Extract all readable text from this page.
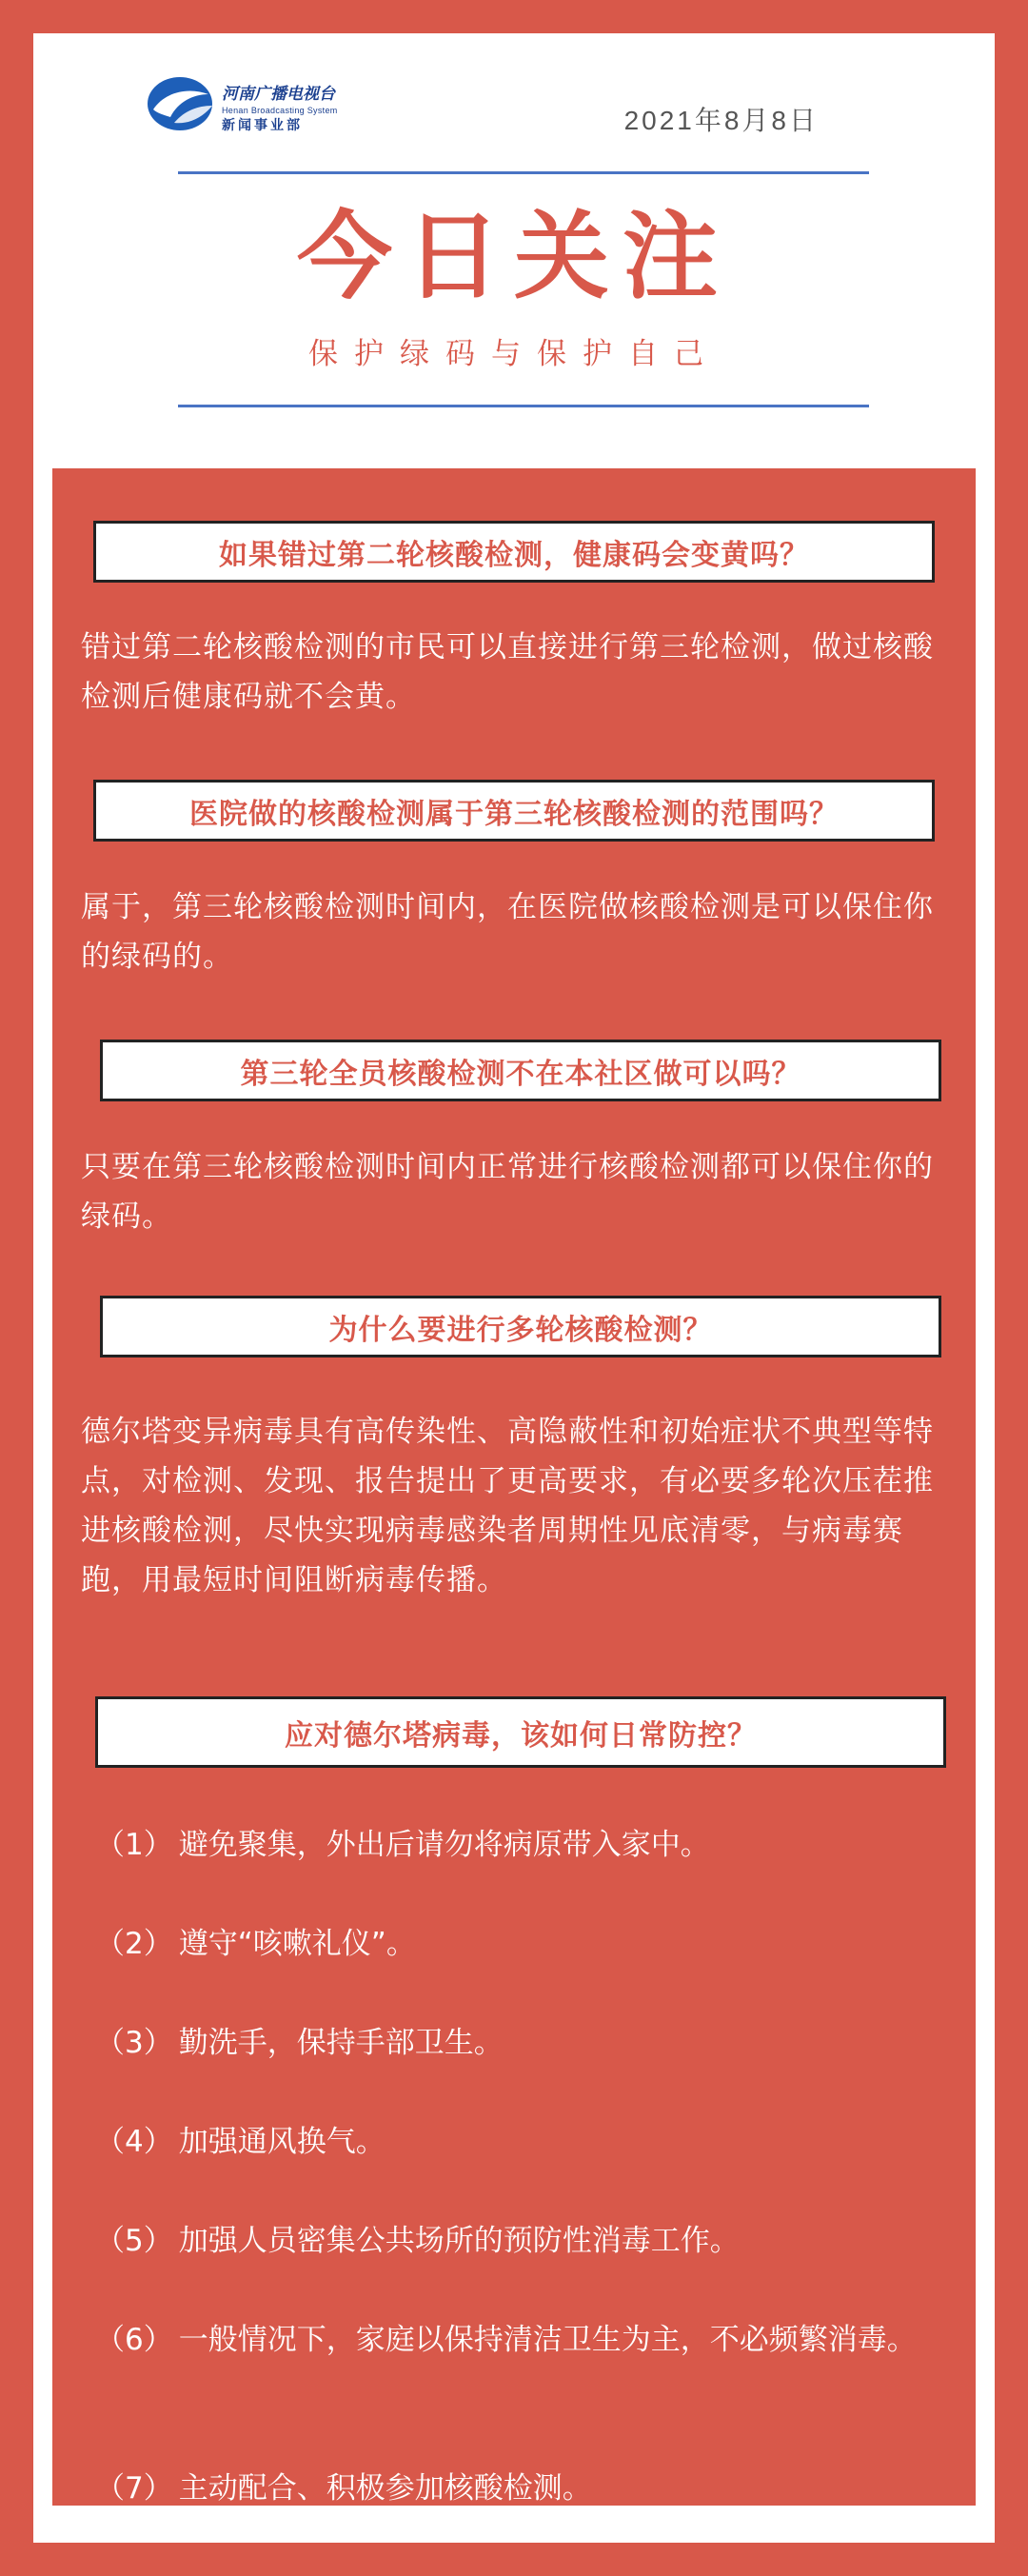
河南广播电视台
Henan Broadcasting System
新闻事业部	2021年8月8日
今日关注
保护绿码与保护自己
如果错过第二轮核酸检测，健康码会变黄吗？
错过第二轮核酸检测的市民可以直接进行第三轮检测，做过核酸检测后健康码就不会黄。
医院做的核酸检测属于第三轮核酸检测的范围吗？
属于，第三轮核酸检测时间内，在医院做核酸检测是可以保住你的绿码的。
第三轮全员核酸检测不在本社区做可以吗？
只要在第三轮核酸检测时间内正常进行核酸检测都可以保住你的绿码。
为什么要进行多轮核酸检测？
德尔塔变异病毒具有高传染性、高隐蔽性和初始症状不典型等特点，对检测、发现、报告提出了更高要求，有必要多轮次压茬推进核酸检测，尽快实现病毒感染者周期性见底清零，与病毒赛跑，用最短时间阻断病毒传播。
应对德尔塔病毒，该如何日常防控？
（1） 避免聚集，外出后请勿将病原带入家中。
（2） 遵守“咳嗽礼仪”。
（3） 勤洗手，保持手部卫生。
（4） 加强通风换气。
（5） 加强人员密集公共场所的预防性消毒工作。
（6） 一般情况下，家庭以保持清洁卫生为主，不必频繁消毒。
（7） 主动配合、积极参加核酸检测。
